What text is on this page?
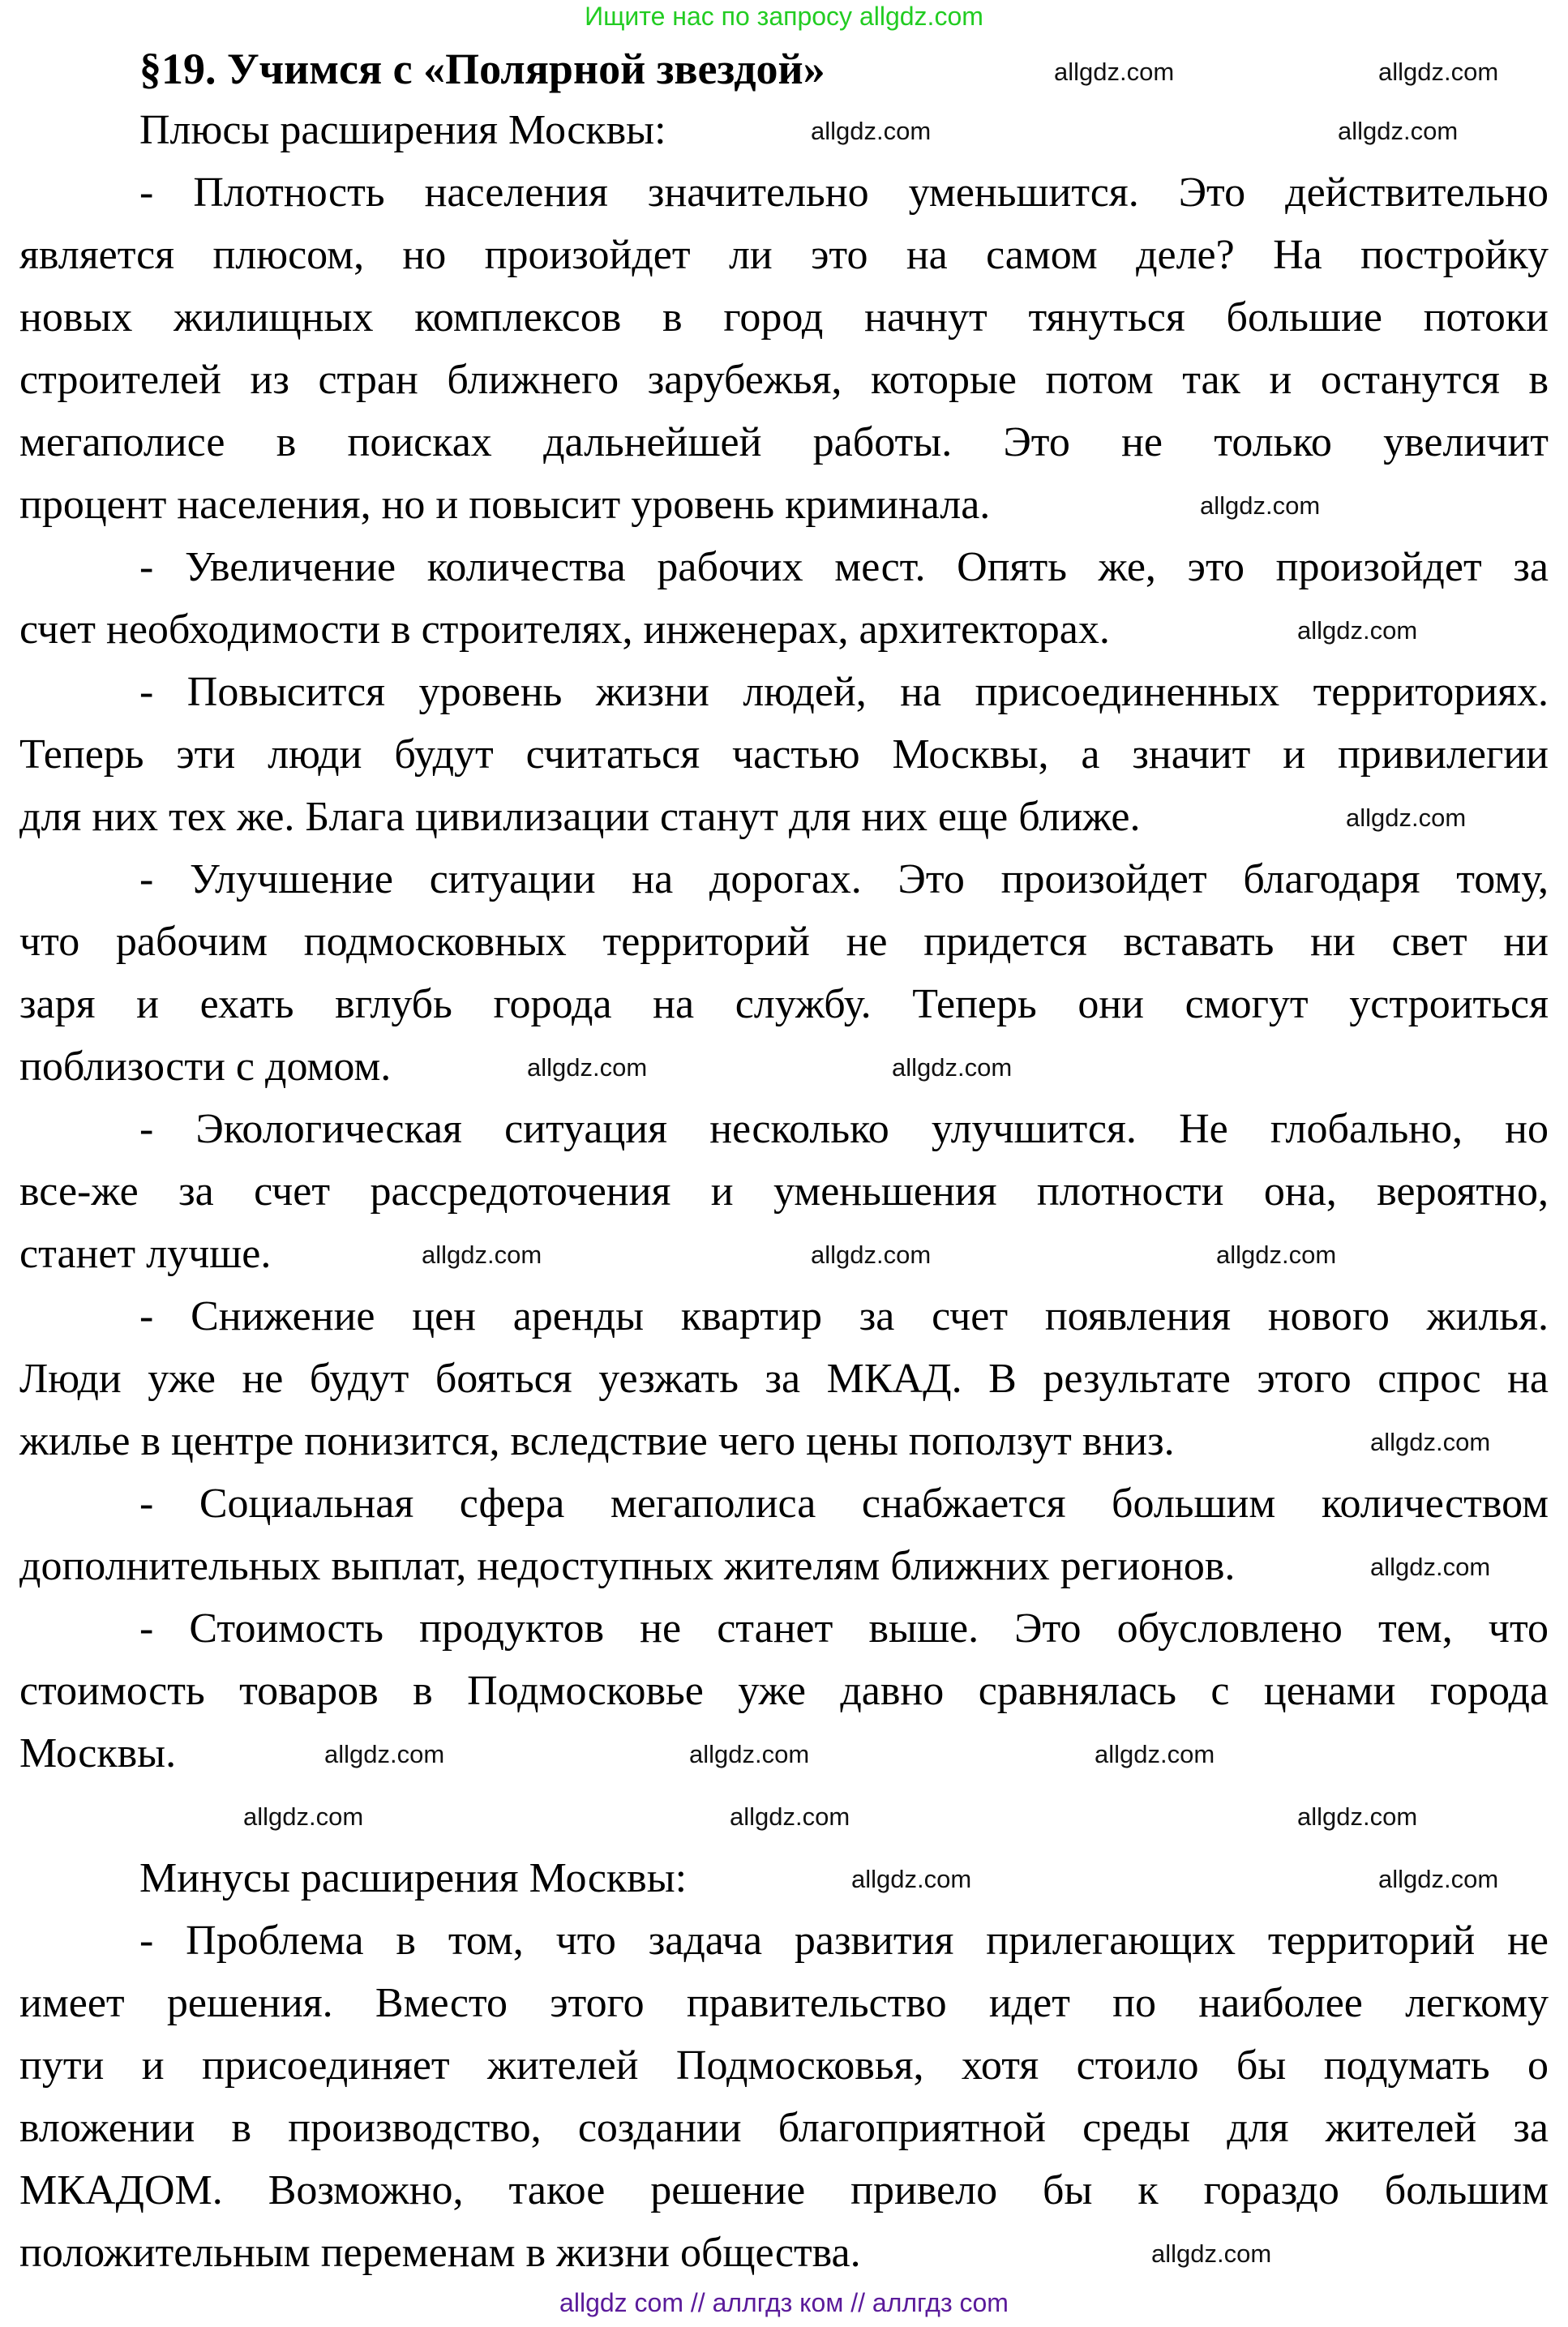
Ищите нас по запросу allgdz.com
§19. Учимся с «Полярной звездой»
Плюсы расширения Москвы:
- Плотность населения значительно уменьшится. Это действительно
является плюсом, но произойдет ли это на самом деле? На постройку
новых жилищных комплексов в город начнут тянуться большие потоки
строителей из стран ближнего зарубежья, которые потом так и останутся в
мегаполисе в поисках дальнейшей работы. Это не только увеличит
процент населения, но и повысит уровень криминала.
- Увеличение количества рабочих мест. Опять же, это произойдет за
счет необходимости в строителях, инженерах, архитекторах.
- Повысится уровень жизни людей, на присоединенных территориях.
Теперь эти люди будут считаться частью Москвы, а значит и привилегии
для них тех же. Блага цивилизации станут для них еще ближе.
- Улучшение ситуации на дорогах. Это произойдет благодаря тому,
что рабочим подмосковных территорий не придется вставать ни свет ни
заря и ехать вглубь города на службу. Теперь они смогут устроиться
поблизости с домом.
- Экологическая ситуация несколько улучшится. Не глобально, но
все-же за счет рассредоточения и уменьшения плотности она, вероятно,
станет лучше.
- Снижение цен аренды квартир за счет появления нового жилья.
Люди уже не будут бояться уезжать за МКАД. В результате этого спрос на
жилье в центре понизится, вследствие чего цены поползут вниз.
- Социальная сфера мегаполиса снабжается большим количеством
дополнительных выплат, недоступных жителям ближних регионов.
- Стоимость продуктов не станет выше. Это обусловлено тем, что
стоимость товаров в Подмосковье уже давно сравнялась с ценами города
Москвы.
Минусы расширения Москвы:
- Проблема в том, что задача развития прилегающих территорий не
имеет решения. Вместо этого правительство идет по наиболее легкому
пути и присоединяет жителей Подмосковья, хотя стоило бы подумать о
вложении в производство, создании благоприятной среды для жителей за
МКАДОМ. Возможно, такое решение привело бы к гораздо большим
положительным переменам в жизни общества.
allgdz.com	allgdz.com
allgdz.com	allgdz.com
allgdz.com
allgdz.com
allgdz.com
allgdz.com	allgdz.com
allgdz.com	allgdz.com	allgdz.com
allgdz.com
allgdz.com
allgdz.com	allgdz.com	allgdz.com
allgdz.com	allgdz.com	allgdz.com
allgdz.com	allgdz.com
allgdz.com
allgdz com // аллгдз ком // аллгдз com
